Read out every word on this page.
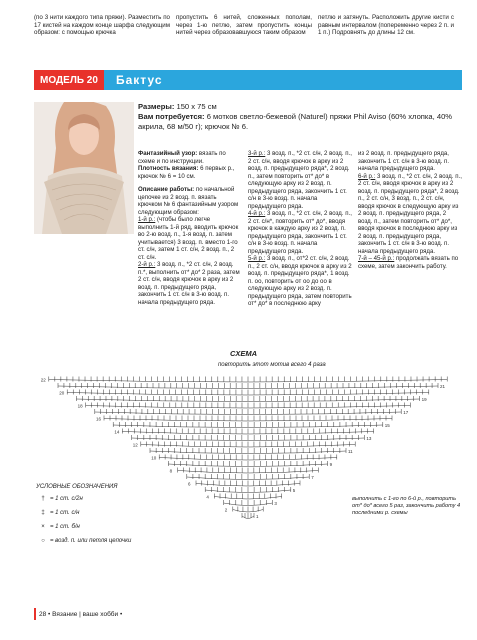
(по 3 нити каждого типа пряжи). Разместить по 17 кистей на каждом конце шарфа следующим образом: с помощью крючка
пропустить 6 нитей, сложенных пополам, через 1-ю петлю, затем пропустить концы нитей через образовавшуюся таким образом
петлю и затянуть. Расположить другие кисти с равным интервалом (попеременно через 2 п. и 1 п.) Подровнять до длины 12 см.
МОДЕЛЬ 20	Бактус
Размеры: 150 х 75 см
Вам потребуется: 6 мотков светло-бежевой (Naturel) пряжи Phil Aviso (60% хлопка, 40% акрила, 68 м/50 г); крючок № 6.

Фантазийный узор: вязать по схеме и по инструкции.

Плотность вязания: 6 первых р., крючок № 6 = 10 см.

Описание работы: по начальной цепочке из 2 возд. п. вязать крючком № 6 фантазийным узором следующим образом:

1-й р.: (чтобы было легче выполнить 1-й ряд, вводить крючок во 2-ю возд. п., 1-я возд. п. затем учитывается) 3 возд. п. вместо 1-го ст. с/н, затем 1 ст. с/н, 2 возд. п., 2 ст. с/н.

2-й р.: 3 возд. п., *2 ст. с/н, 2 возд. п.*, выполнить от* до* 2 раза, затем 2 ст. с/н, вводя крючок в арку из 2 возд. п. предыдущего ряда, закончить 1 ст. с/н в 3-ю возд. п. начала предыдущего ряда.

3-й р.: 3 возд. п., *2 ст. с/н, 2 возд. п., 2 ст. с/н, вводя крючок в арку из 2 возд. п. предыдущего ряда*, 2 возд. п., затем повторить от* до* в следующую арку из 2 возд. п. предыдущего ряда, закончить 1 ст. с/н в 3-ю возд. п. начала предыдущего ряда.

4-й р.: 3 возд. п., *2 ст. с/н, 2 возд. п., 2 ст. с/н*, повторить от* до*, вводя крючок в каждую арку из 2 возд. п. предыдущего ряда, закончить 1 ст. с/н в 3-ю возд. п. начала предыдущего ряда.

5-й р.: 3 возд. п., от*2 ст. с/н, 2 возд. п., 2 ст. с/н, вводя крючок в арку из 2 возд. п. предыдущего ряда*, 1 возд. п. оо, повторить от оо до оо в следующую арку из 2 возд. п. предыдущего ряда, затем повторить от* до* в последнюю арку

из 2 возд. п. предыдущего ряда, закончить 1 ст. с/н в 3-ю возд. п. начала предыдущего ряда.

6-й р.: 3 возд. п., *2 ст. с/н, 2 возд. п., 2 ст. с/н, вводя крючок в арку из 2 возд. п. предыдущего ряда*, 2 возд. п., 2 ст. с/н, 3 возд. п., 2 ст. с/н, вводя крючок в следующую арку из 2 возд. п. предыдущего ряда, 2 возд. п., затем повторить от* до*, вводя крючок в последнюю арку из 2 возд. п. предыдущего ряда, закончить 1 ст. с/н в 3-ю возд. п. начала предыдущего ряда.

7-й – 45-й р.: продолжать вязать по схеме, затем закончить работу.

СХЕМА
повторить этот мотив всего 4 раза
1
2
3
4
5
6
7
8
9
10
11
12
13
14
15
16
17
18
19
20
21
22
УСЛОВНЫЕ ОБОЗНАЧЕНИЯ
† = 1 ст. с/2н
‡ = 1 ст. с/н
× = 1 ст. б/н
○ = возд. п. или петля цепочки
выполнить с 1-го по 6-й р., повторить от* до* всего 5 раз, закончить работу 4 последними р. схемы
28
• Вязание | ваше хобби •
